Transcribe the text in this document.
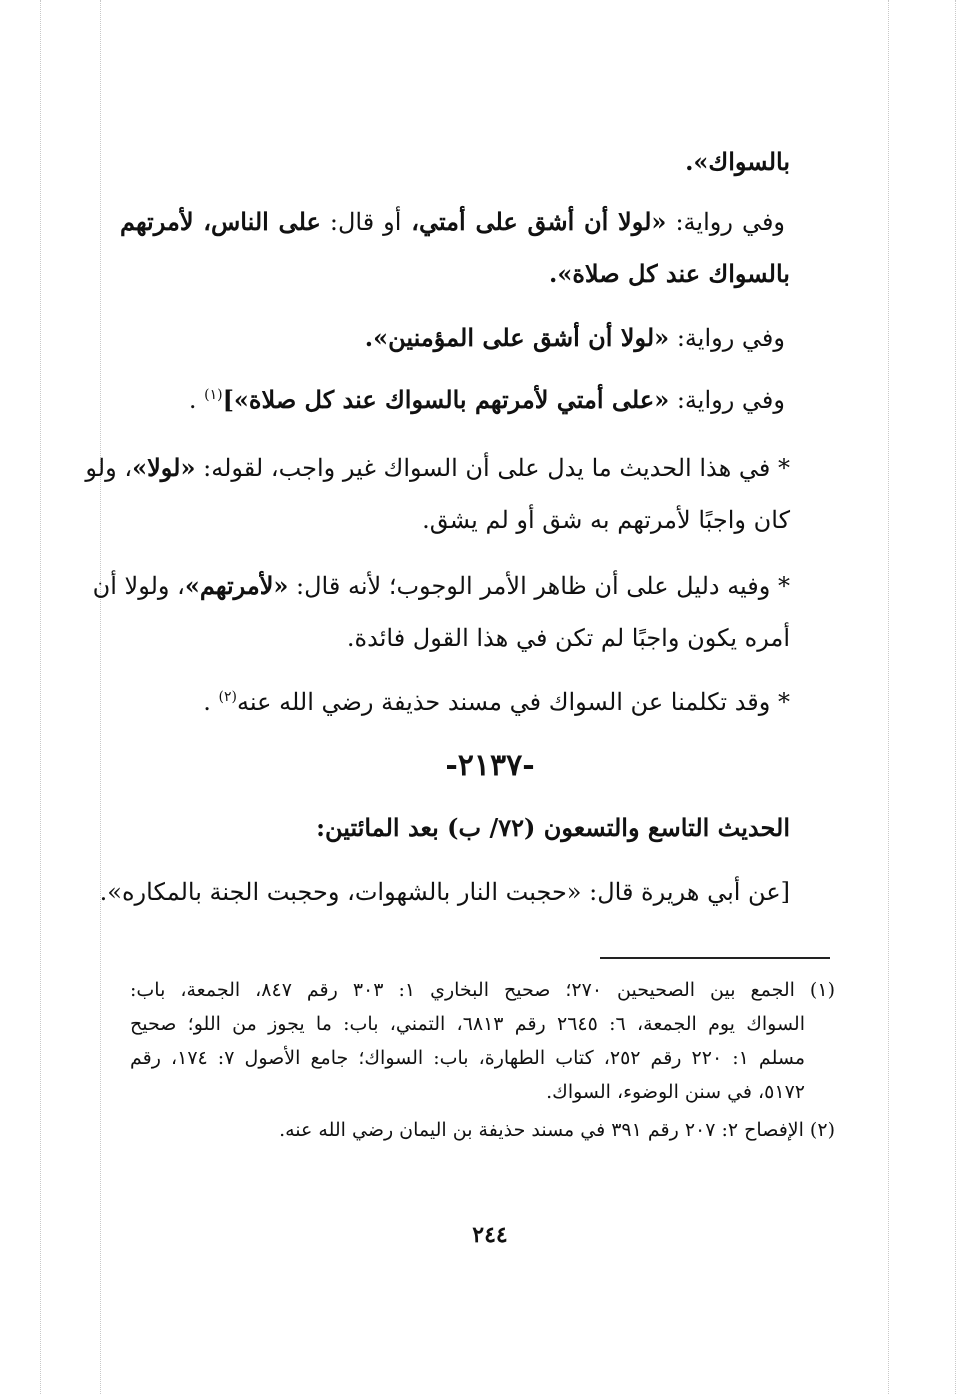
بالسواك».
وفي رواية: «لولا أن أشق على أمتي، أو قال: على الناس، لأمرتهم
بالسواك عند كل صلاة».
وفي رواية: «لولا أن أشق على المؤمنين».
وفي رواية: «على أمتي لأمرتهم بالسواك عند كل صلاة»]$^{(١)}$ .
* في هذا الحديث ما يدل على أن السواك غير واجب، لقوله: «لولا»، ولو
كان واجبًا لأمرتهم به شق أو لم يشق.
* وفيه دليل على أن ظاهر الأمر الوجوب؛ لأنه قال: «لأمرتهم»، ولولا أن
أمره يكون واجبًا لم تكن في هذا القول فائدة.
* وقد تكلمنا عن السواك في مسند حذيفة رضي الله عنه$^{(٢)}$ .
-٢١٣٧-
الحديث التاسع والتسعون (٧٢/ ب) بعد المائتين:
[عن أبي هريرة قال: «حجبت النار بالشهوات، وحجبت الجنة بالمكاره».
(١) الجمع بين الصحيحين ٢٧٠؛ صحيح البخاري ١: ٣٠٣ رقم ٨٤٧، الجمعة، باب:
السواك يوم الجمعة، ٦: ٢٦٤٥ رقم ٦٨١٣، التمني، باب: ما يجوز من اللو؛ صحيح
مسلم ١: ٢٢٠ رقم ٢٥٢، كتاب الطهارة، باب: السواك؛ جامع الأصول ٧: ١٧٤، رقم
٥١٧٢، في سنن الوضوء، السواك.
(٢) الإفصاح ٢: ٢٠٧ رقم ٣٩١ في مسند حذيفة بن اليمان رضي الله عنه.
٢٤٤
